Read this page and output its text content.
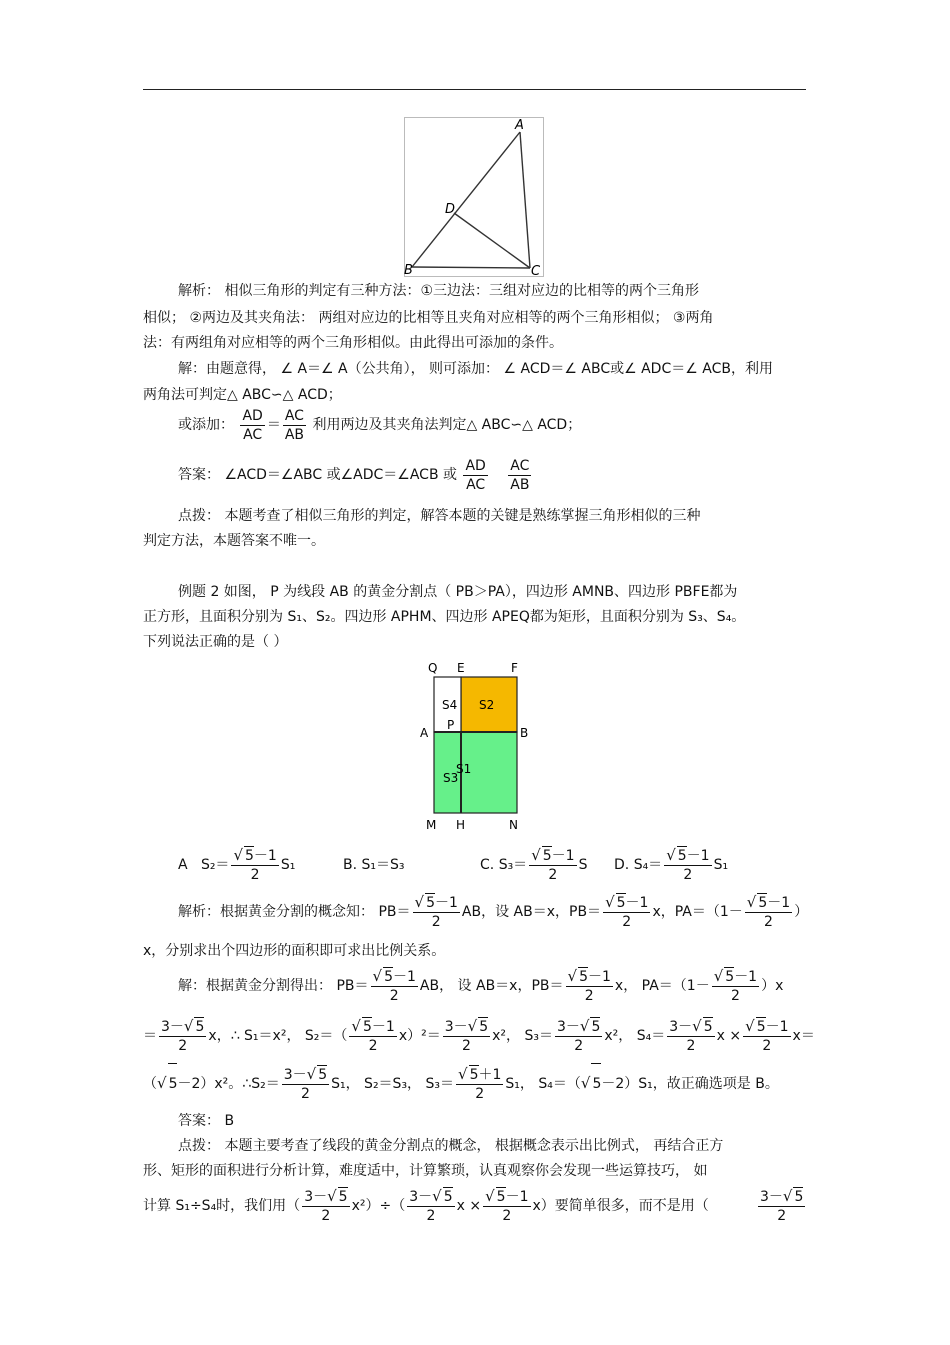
A
B	C
D
解析： 相似三角形的判定有三种方法：①三边法：三组对应边的比相等的两个三角形
相似； ②两边及其夹角法： 两组对应边的比相等且夹角对应相等的两个三角形相似； ③两角
法：有两组角对应相等的两个三角形相似。由此得出可添加的条件。
解：由题意得， ∠ A＝∠ A（公共角）， 则可添加： ∠ ACD＝∠ ABC或∠ ADC＝∠ ACB，利用
两角法可判定△ ABC∽△ ACD；
或添加： $\frac{AD}{AC} = \frac{AC}{AB}$ 利用两边及其夹角法判定△ ABC∽△ ACD；
答案： ∠ACD＝∠ABC 或∠ADC＝∠ACB 或 $\frac{AD}{AC}$
$\frac{AC}{AB}$
点拨： 本题考查了相似三角形的判定，解答本题的关键是熟练掌握三角形相似的三种
判定方法，本题答案不唯一。
例题 2 如图， P 为线段 AB 的黄金分割点（ PB＞PA），四边形 AMNB、四边形 PBFE都为
正方形，且面积分别为 S₁、S₂。四边形 APHM、四边形 APEQ都为矩形，且面积分别为 S₃、S₄。
下列说法正确的是（ ）
Q E	F
S4 S2
P
A	B
S1
S3
M H	N
A $S_2= \frac{√ 5-1}{2} S_1$	B. S₁＝S₃	C. $S_3= \frac{√ 5-1}{2}$ S D. $S_4= \frac{√ 5-1}{2} S_1$
解析：根据黄金分割的概念知： $PB= \frac{√ 5-1}{2}$ AB，设 AB＝x，$PB= \frac{√ 5-1}{2}$ x，$PA=(1- \frac{√ 5-1}{2}$ ）
x，分别求出个四边形的面积即可求出比例关系。
解：根据黄金分割得出： $PB= \frac{√ 5-1}{2}$ AB， 设 AB＝x，$PB= \frac{√ 5-1}{2}$ x， $PA=(1- \frac{√ 5-1}{2} )x$
＝ $\frac{3-√ 5}{2}$ x，∴ S₁＝x²， $S_2=( \frac{√ 5-1}{2} x)^2= \frac{3-√ 5}{2} x^2$， $S_3= \frac{3-√ 5}{2} x^2$， $S_4= \frac{3-√ 5}{2}$ $x \times \frac{√ 5-1}{2} x=$
（√ 5－2）x²。∴S₂＝ $\frac{3-√ 5}{2} S_1$， S₂＝S₃， $S_3= \frac{√ 5+1}{2} S_1$， S₄＝（√ 5－2）S₁，故正确选项是 B。
答案： B
点拨： 本题主要考查了线段的黄金分割点的概念， 根据概念表示出比例式， 再结合正方
形、矩形的面积进行分析计算，难度适中，计算繁琐，认真观察你会发现一些运算技巧， 如
计算 S₁÷S₄时，我们用（ $\frac{3-√ 5}{2} x^2)\div( \frac{3-√ 5}{2}$ $x \times \frac{√ 5-1}{2} x$）要简单很多，而不是用（	$\frac{3-√ 5}{2}$
